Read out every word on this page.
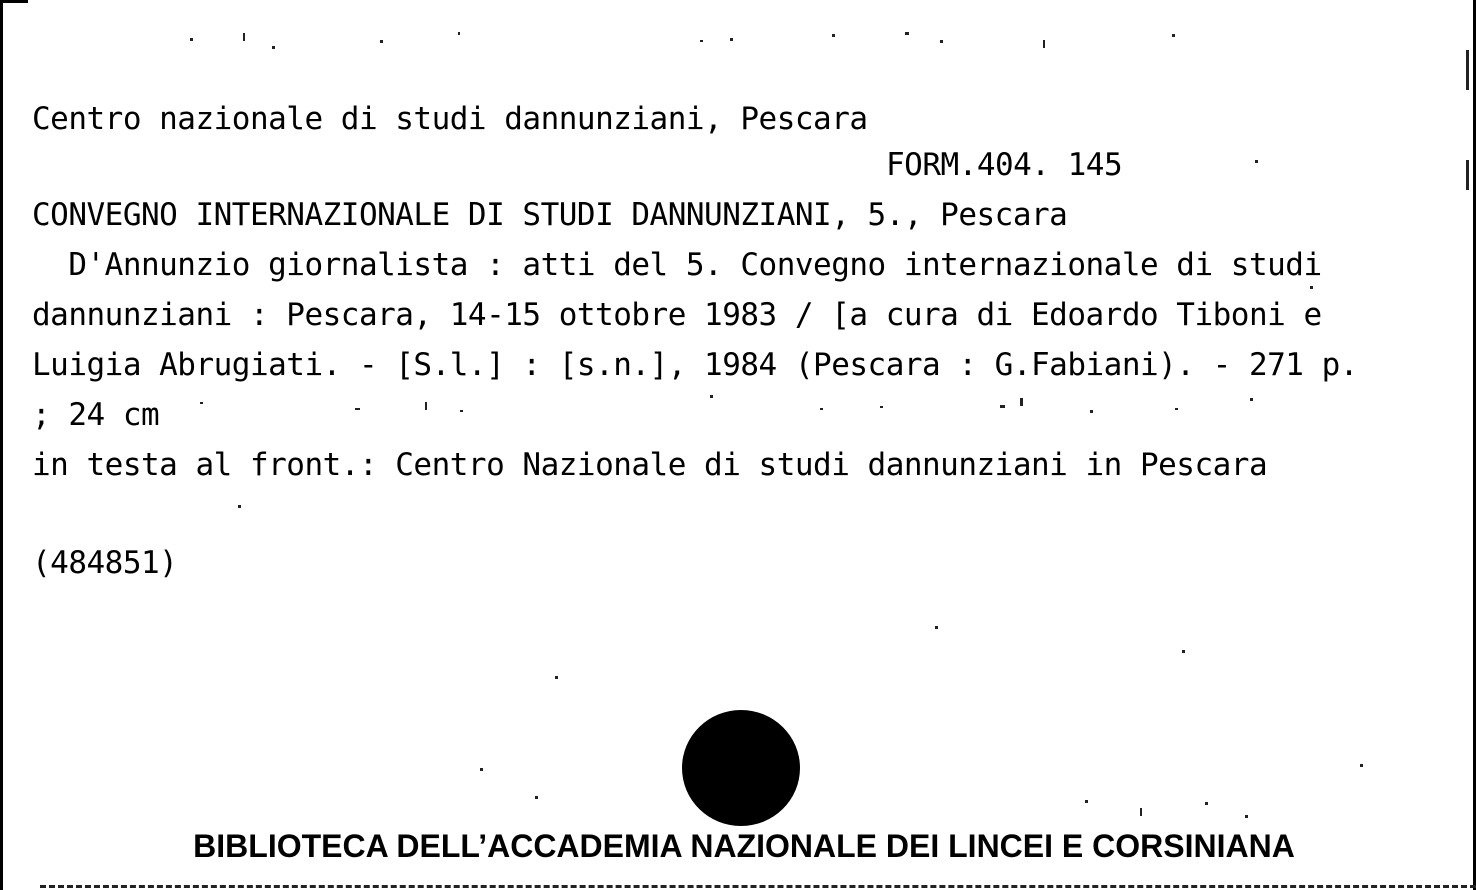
Centro nazionale di studi dannunziani, Pescara
FORM.404. 145
CONVEGNO INTERNAZIONALE DI STUDI DANNUNZIANI, 5., Pescara
D'Annunzio giornalista : atti del 5. Convegno internazionale di studi
dannunziani : Pescara, 14-15 ottobre 1983 / [a cura di Edoardo Tiboni e
Luigia Abrugiati. - [S.l.] : [s.n.], 1984 (Pescara : G.Fabiani). - 271 p.
; 24 cm
in testa al front.: Centro Nazionale di studi dannunziani in Pescara
(484851)
BIBLIOTECA DELL’ACCADEMIA NAZIONALE DEI LINCEI E CORSINIANA
